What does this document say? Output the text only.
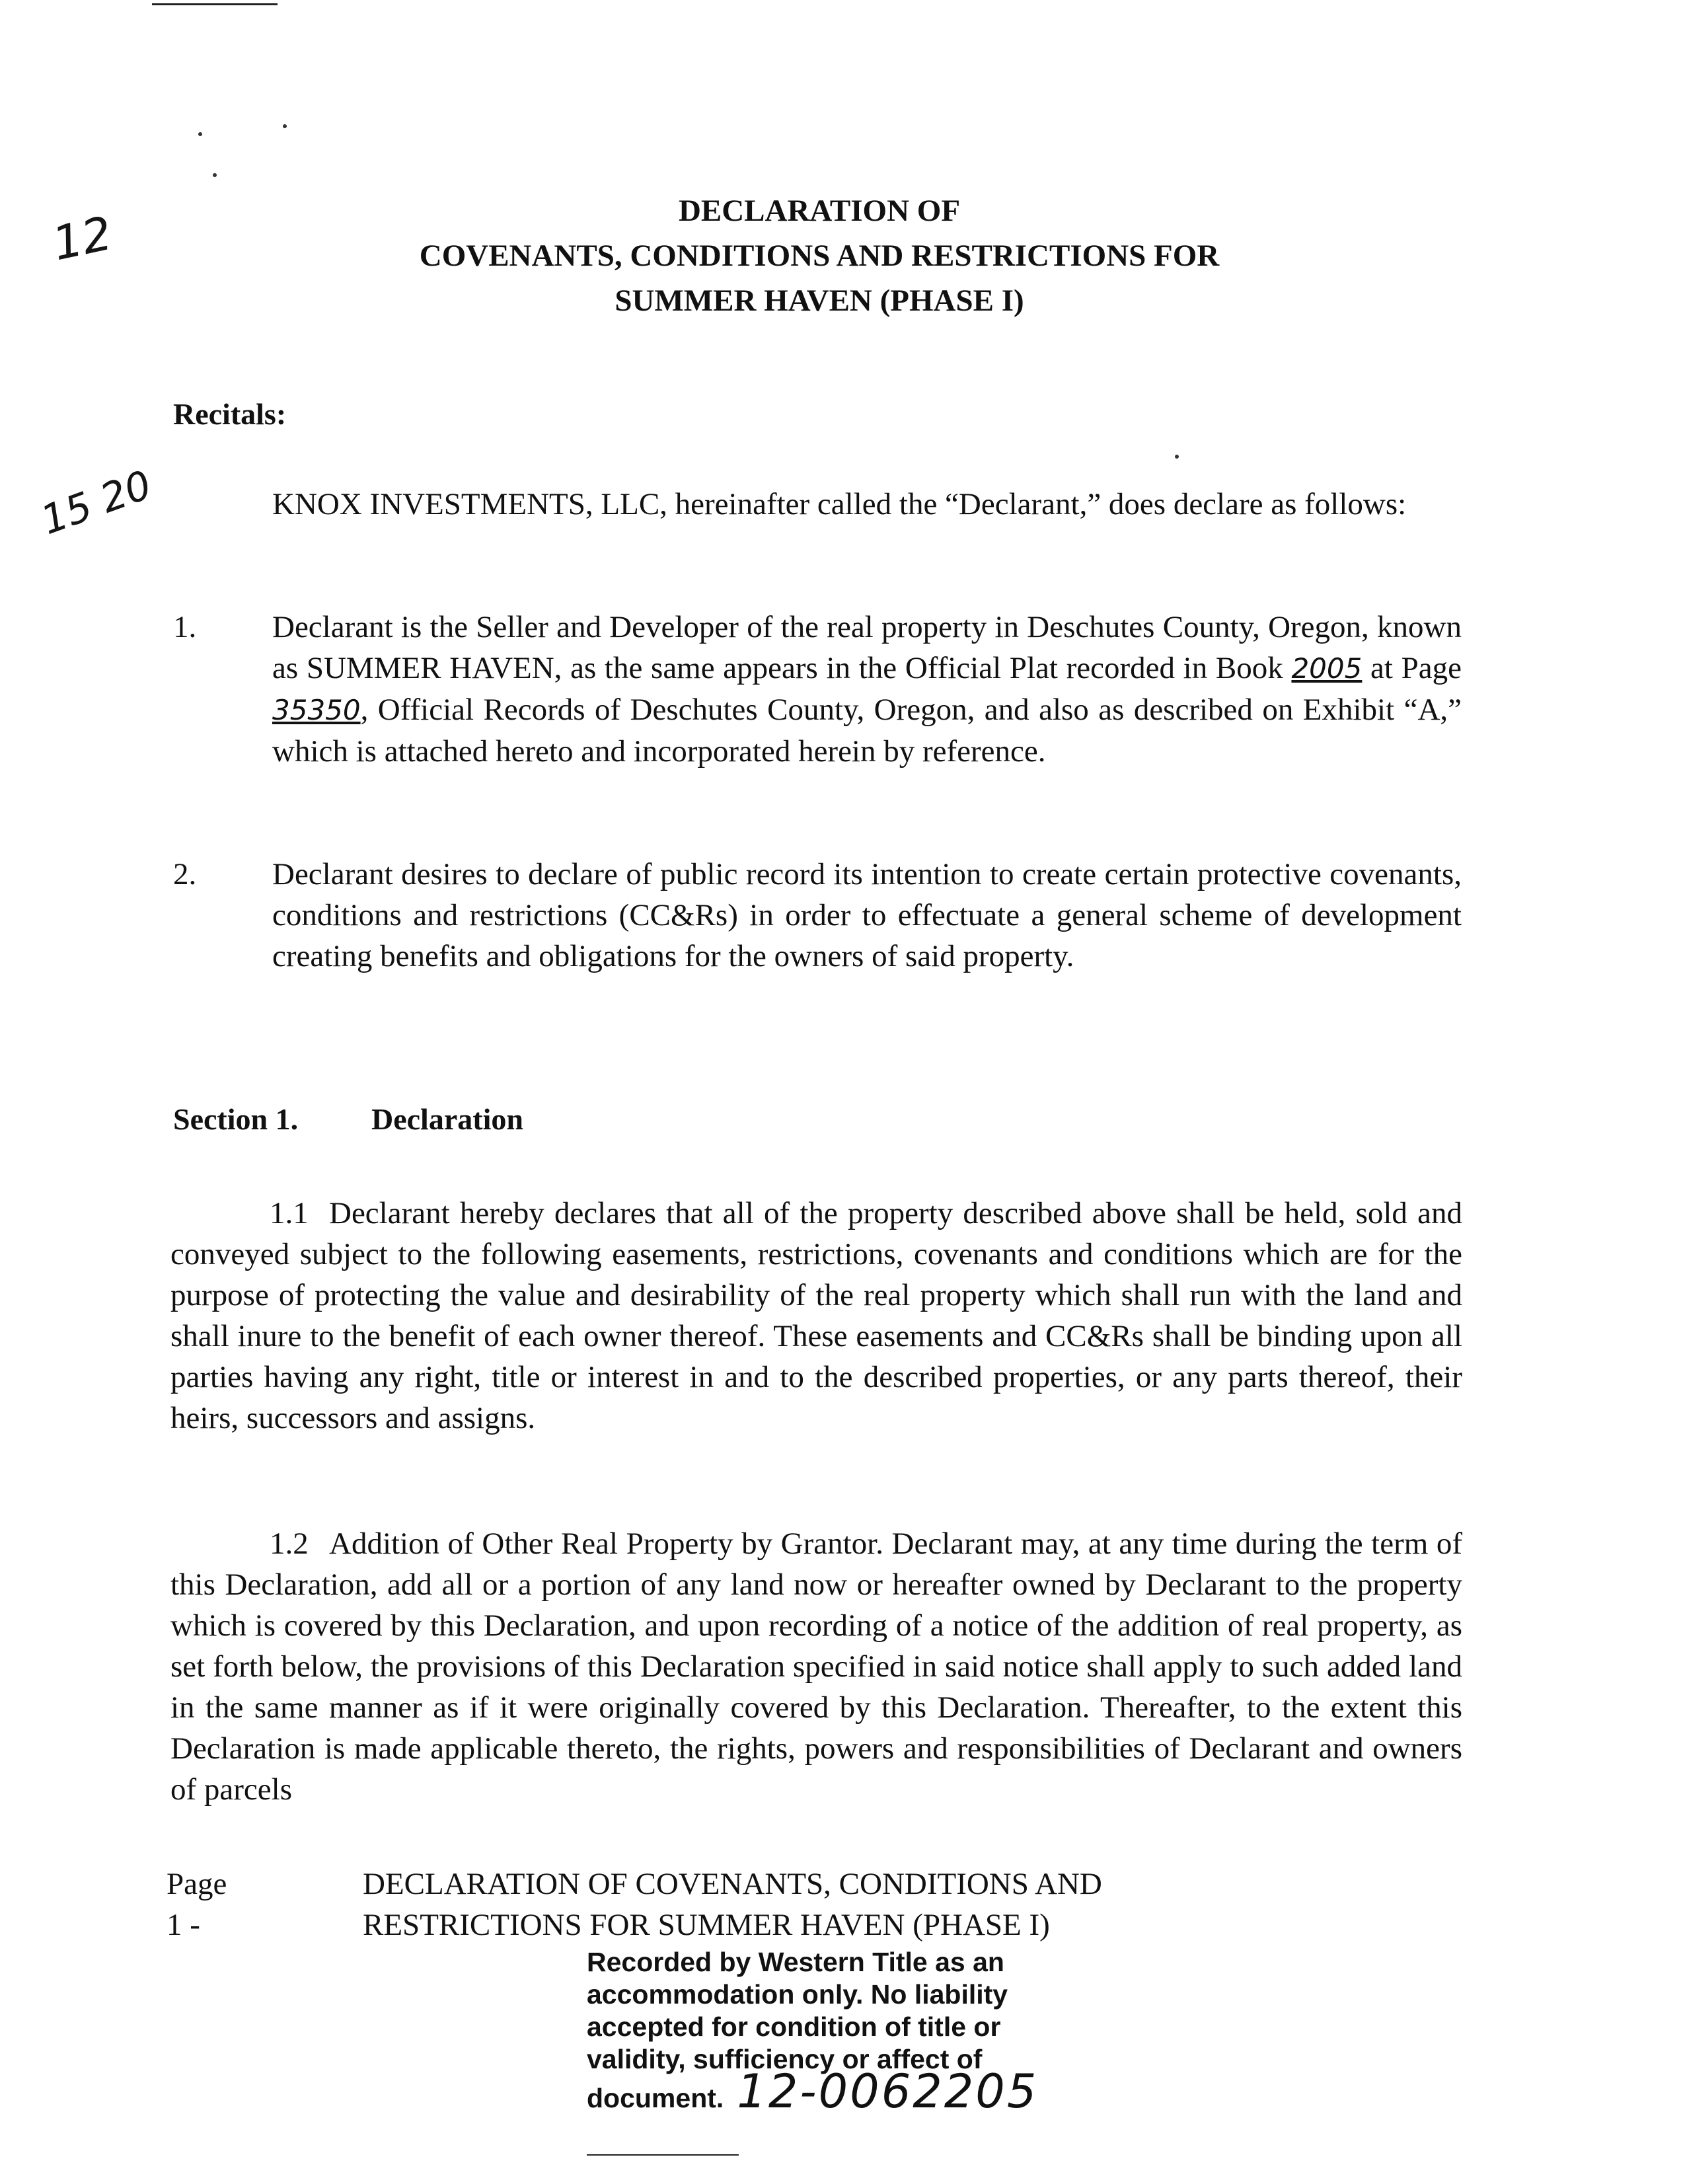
12
15 20
DECLARATION OF
COVENANTS, CONDITIONS AND RESTRICTIONS FOR
SUMMER HAVEN (PHASE I)
Recitals:
KNOX INVESTMENTS, LLC, hereinafter called the “Declarant,” does declare as follows:
1.	Declarant is the Seller and Developer of the real property in Deschutes County, Oregon, known as SUMMER HAVEN, as the same appears in the Official Plat recorded in Book 2005 at Page 35350, Official Records of Deschutes County, Oregon, and also as described on Exhibit “A,” which is attached hereto and incorporated herein by reference.
2.	Declarant desires to declare of public record its intention to create certain protective covenants, conditions and restrictions (CC&Rs) in order to effectuate a general scheme of development creating benefits and obligations for the owners of said property.
Section 1. Declaration
1.1 Declarant hereby declares that all of the property described above shall be held, sold and conveyed subject to the following easements, restrictions, covenants and conditions which are for the purpose of protecting the value and desirability of the real property which shall run with the land and shall inure to the benefit of each owner thereof. These easements and CC&Rs shall be binding upon all parties having any right, title or interest in and to the described properties, or any parts thereof, their heirs, successors and assigns.
1.2 Addition of Other Real Property by Grantor. Declarant may, at any time during the term of this Declaration, add all or a portion of any land now or hereafter owned by Declarant to the property which is covered by this Declaration, and upon recording of a notice of the addition of real property, as set forth below, the provisions of this Declaration specified in said notice shall apply to such added land in the same manner as if it were originally covered by this Declaration. Thereafter, to the extent this Declaration is made applicable thereto, the rights, powers and responsibilities of Declarant and owners of parcels
Page 1 -
DECLARATION OF COVENANTS, CONDITIONS AND
RESTRICTIONS FOR SUMMER HAVEN (PHASE I)
Recorded by Western Title as an
accommodation only. No liability
accepted for condition of title or
validity, sufficiency or affect of
document. 12-0062205
